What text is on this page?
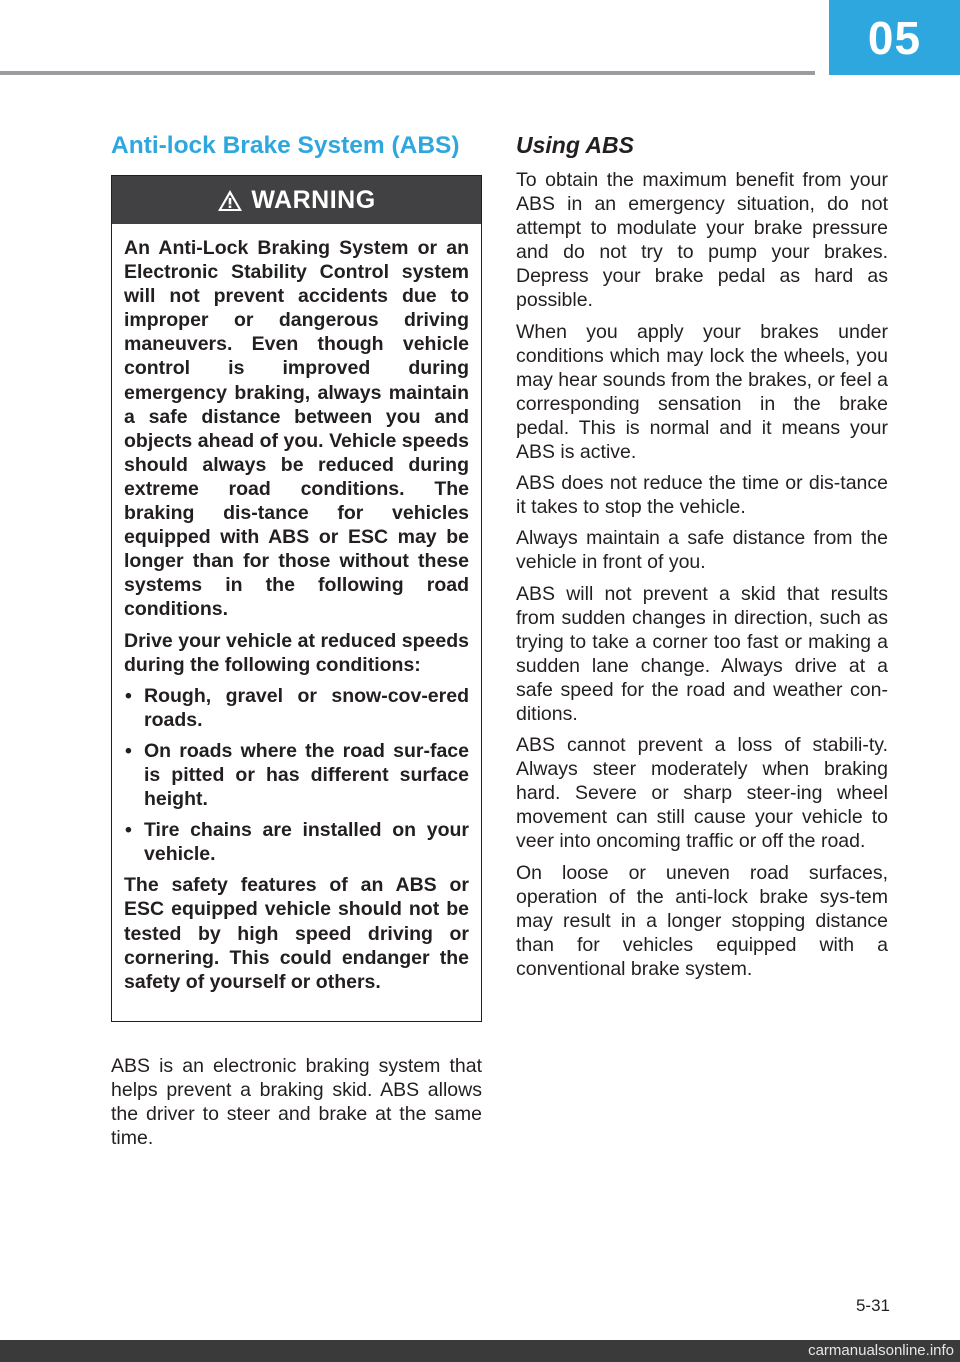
05
Anti-lock Brake System (ABS)
WARNING

An Anti-Lock Braking System or an Electronic Stability Control system will not prevent accidents due to improper or dangerous driving maneuvers. Even though vehicle control is improved during emergency braking, always maintain a safe distance between you and objects ahead of you. Vehicle speeds should always be reduced during extreme road conditions. The braking dis-tance for vehicles equipped with ABS or ESC may be longer than for those without these systems in the following road conditions.

Drive your vehicle at reduced speeds during the following conditions:

• Rough, gravel or snow-cov-ered roads.
• On roads where the road sur-face is pitted or has different surface height.
• Tire chains are installed on your vehicle.

The safety features of an ABS or ESC equipped vehicle should not be tested by high speed driving or cornering. This could endanger the safety of yourself or others.

ABS is an electronic braking system that helps prevent a braking skid. ABS allows the driver to steer and brake at the same time.

Using ABS

To obtain the maximum benefit from your ABS in an emergency situation, do not attempt to modulate your brake pressure and do not try to pump your brakes. Depress your brake pedal as hard as possible.

When you apply your brakes under conditions which may lock the wheels, you may hear sounds from the brakes, or feel a corresponding sensation in the brake pedal. This is normal and it means your ABS is active.

ABS does not reduce the time or dis-tance it takes to stop the vehicle.

Always maintain a safe distance from the vehicle in front of you.

ABS will not prevent a skid that results from sudden changes in direction, such as trying to take a corner too fast or making a sudden lane change. Always drive at a safe speed for the road and weather con-ditions.

ABS cannot prevent a loss of stabili-ty. Always steer moderately when braking hard. Severe or sharp steer-ing wheel movement can still cause your vehicle to veer into oncoming traffic or off the road.

On loose or uneven road surfaces, operation of the anti-lock brake sys-tem may result in a longer stopping distance than for vehicles equipped with a conventional brake system.

5-31
carmanualsonline.info
